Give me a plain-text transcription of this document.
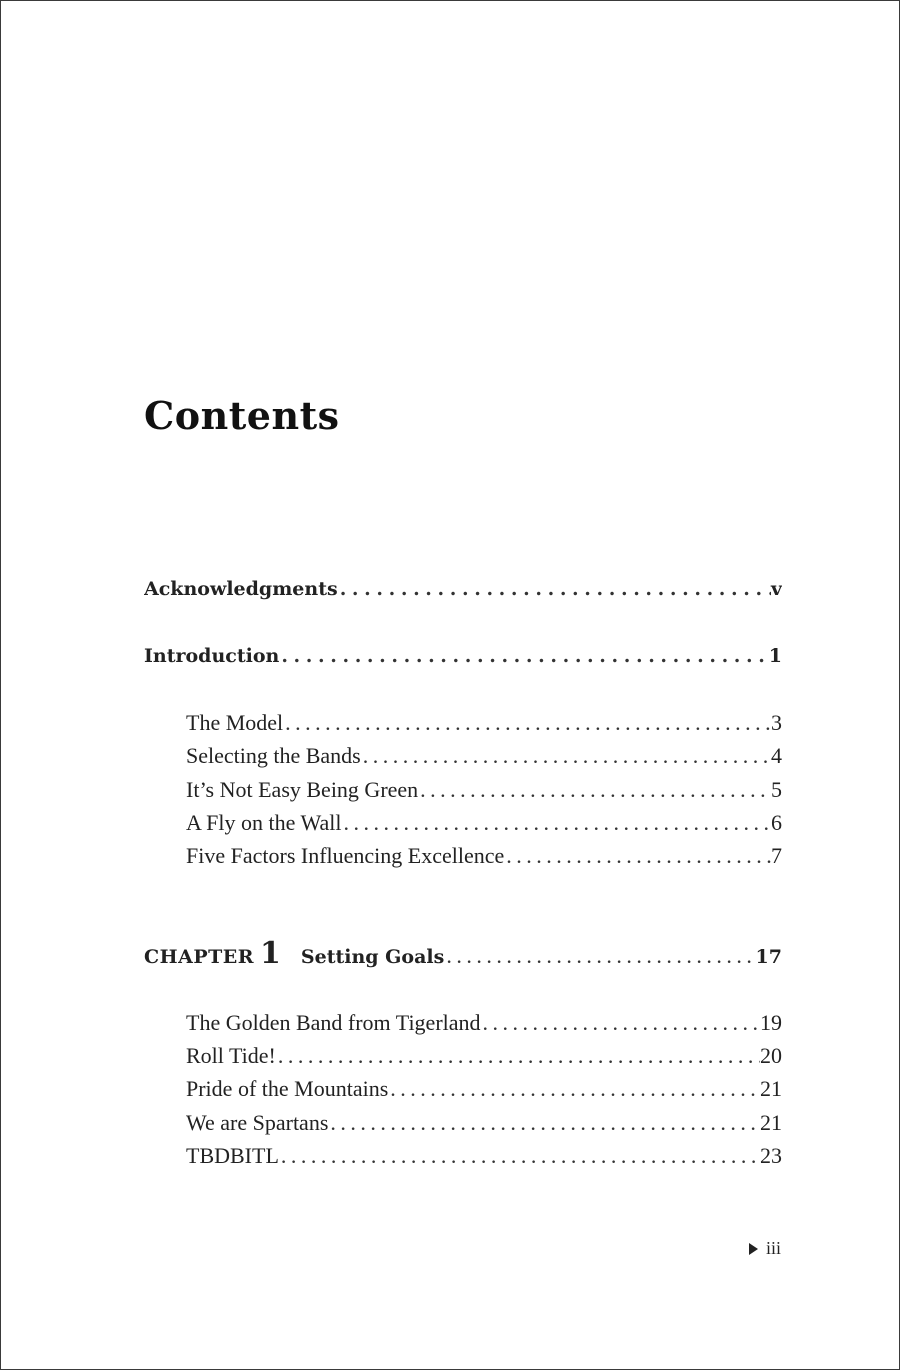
Contents
Acknowledgments . . .	v
Introduction . . .	1
The Model . . .	3
Selecting the Bands . . .	4
It’s Not Easy Being Green . . .	5
A Fly on the Wall . . .	6
Five Factors Influencing Excellence . . .	7
CHAPTER 1 Setting Goals . . .	17
The Golden Band from Tigerland . . .	19
Roll Tide! . . .	20
Pride of the Mountains . . .	21
We are Spartans . . .	21
TBDBITL . . .	23
iii
